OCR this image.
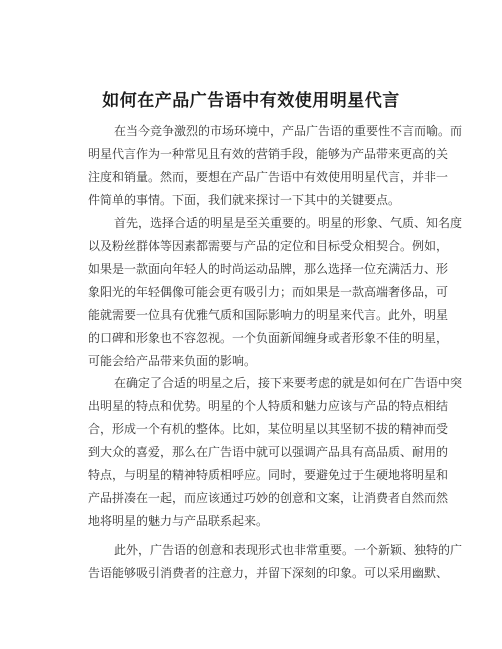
如何在产品广告语中有效使用明星代言
在当今竞争激烈的市场环境中，产品广告语的重要性不言而喻。而
明星代言作为一种常见且有效的营销手段，能够为产品带来更高的关
注度和销量。然而，要想在产品广告语中有效使用明星代言，并非一
件简单的事情。下面，我们就来探讨一下其中的关键要点。
首先，选择合适的明星是至关重要的。明星的形象、气质、知名度
以及粉丝群体等因素都需要与产品的定位和目标受众相契合。例如，
如果是一款面向年轻人的时尚运动品牌，那么选择一位充满活力、形
象阳光的年轻偶像可能会更有吸引力；而如果是一款高端奢侈品，可
能就需要一位具有优雅气质和国际影响力的明星来代言。此外，明星
的口碑和形象也不容忽视。一个负面新闻缠身或者形象不佳的明星，
可能会给产品带来负面的影响。
在确定了合适的明星之后，接下来要考虑的就是如何在广告语中突
出明星的特点和优势。明星的个人特质和魅力应该与产品的特点相结
合，形成一个有机的整体。比如，某位明星以其坚韧不拔的精神而受
到大众的喜爱，那么在广告语中就可以强调产品具有高品质、耐用的
特点，与明星的精神特质相呼应。同时，要避免过于生硬地将明星和
产品拼凑在一起，而应该通过巧妙的创意和文案，让消费者自然而然
地将明星的魅力与产品联系起来。
此外，广告语的创意和表现形式也非常重要。一个新颖、独特的广
告语能够吸引消费者的注意力，并留下深刻的印象。可以采用幽默、
